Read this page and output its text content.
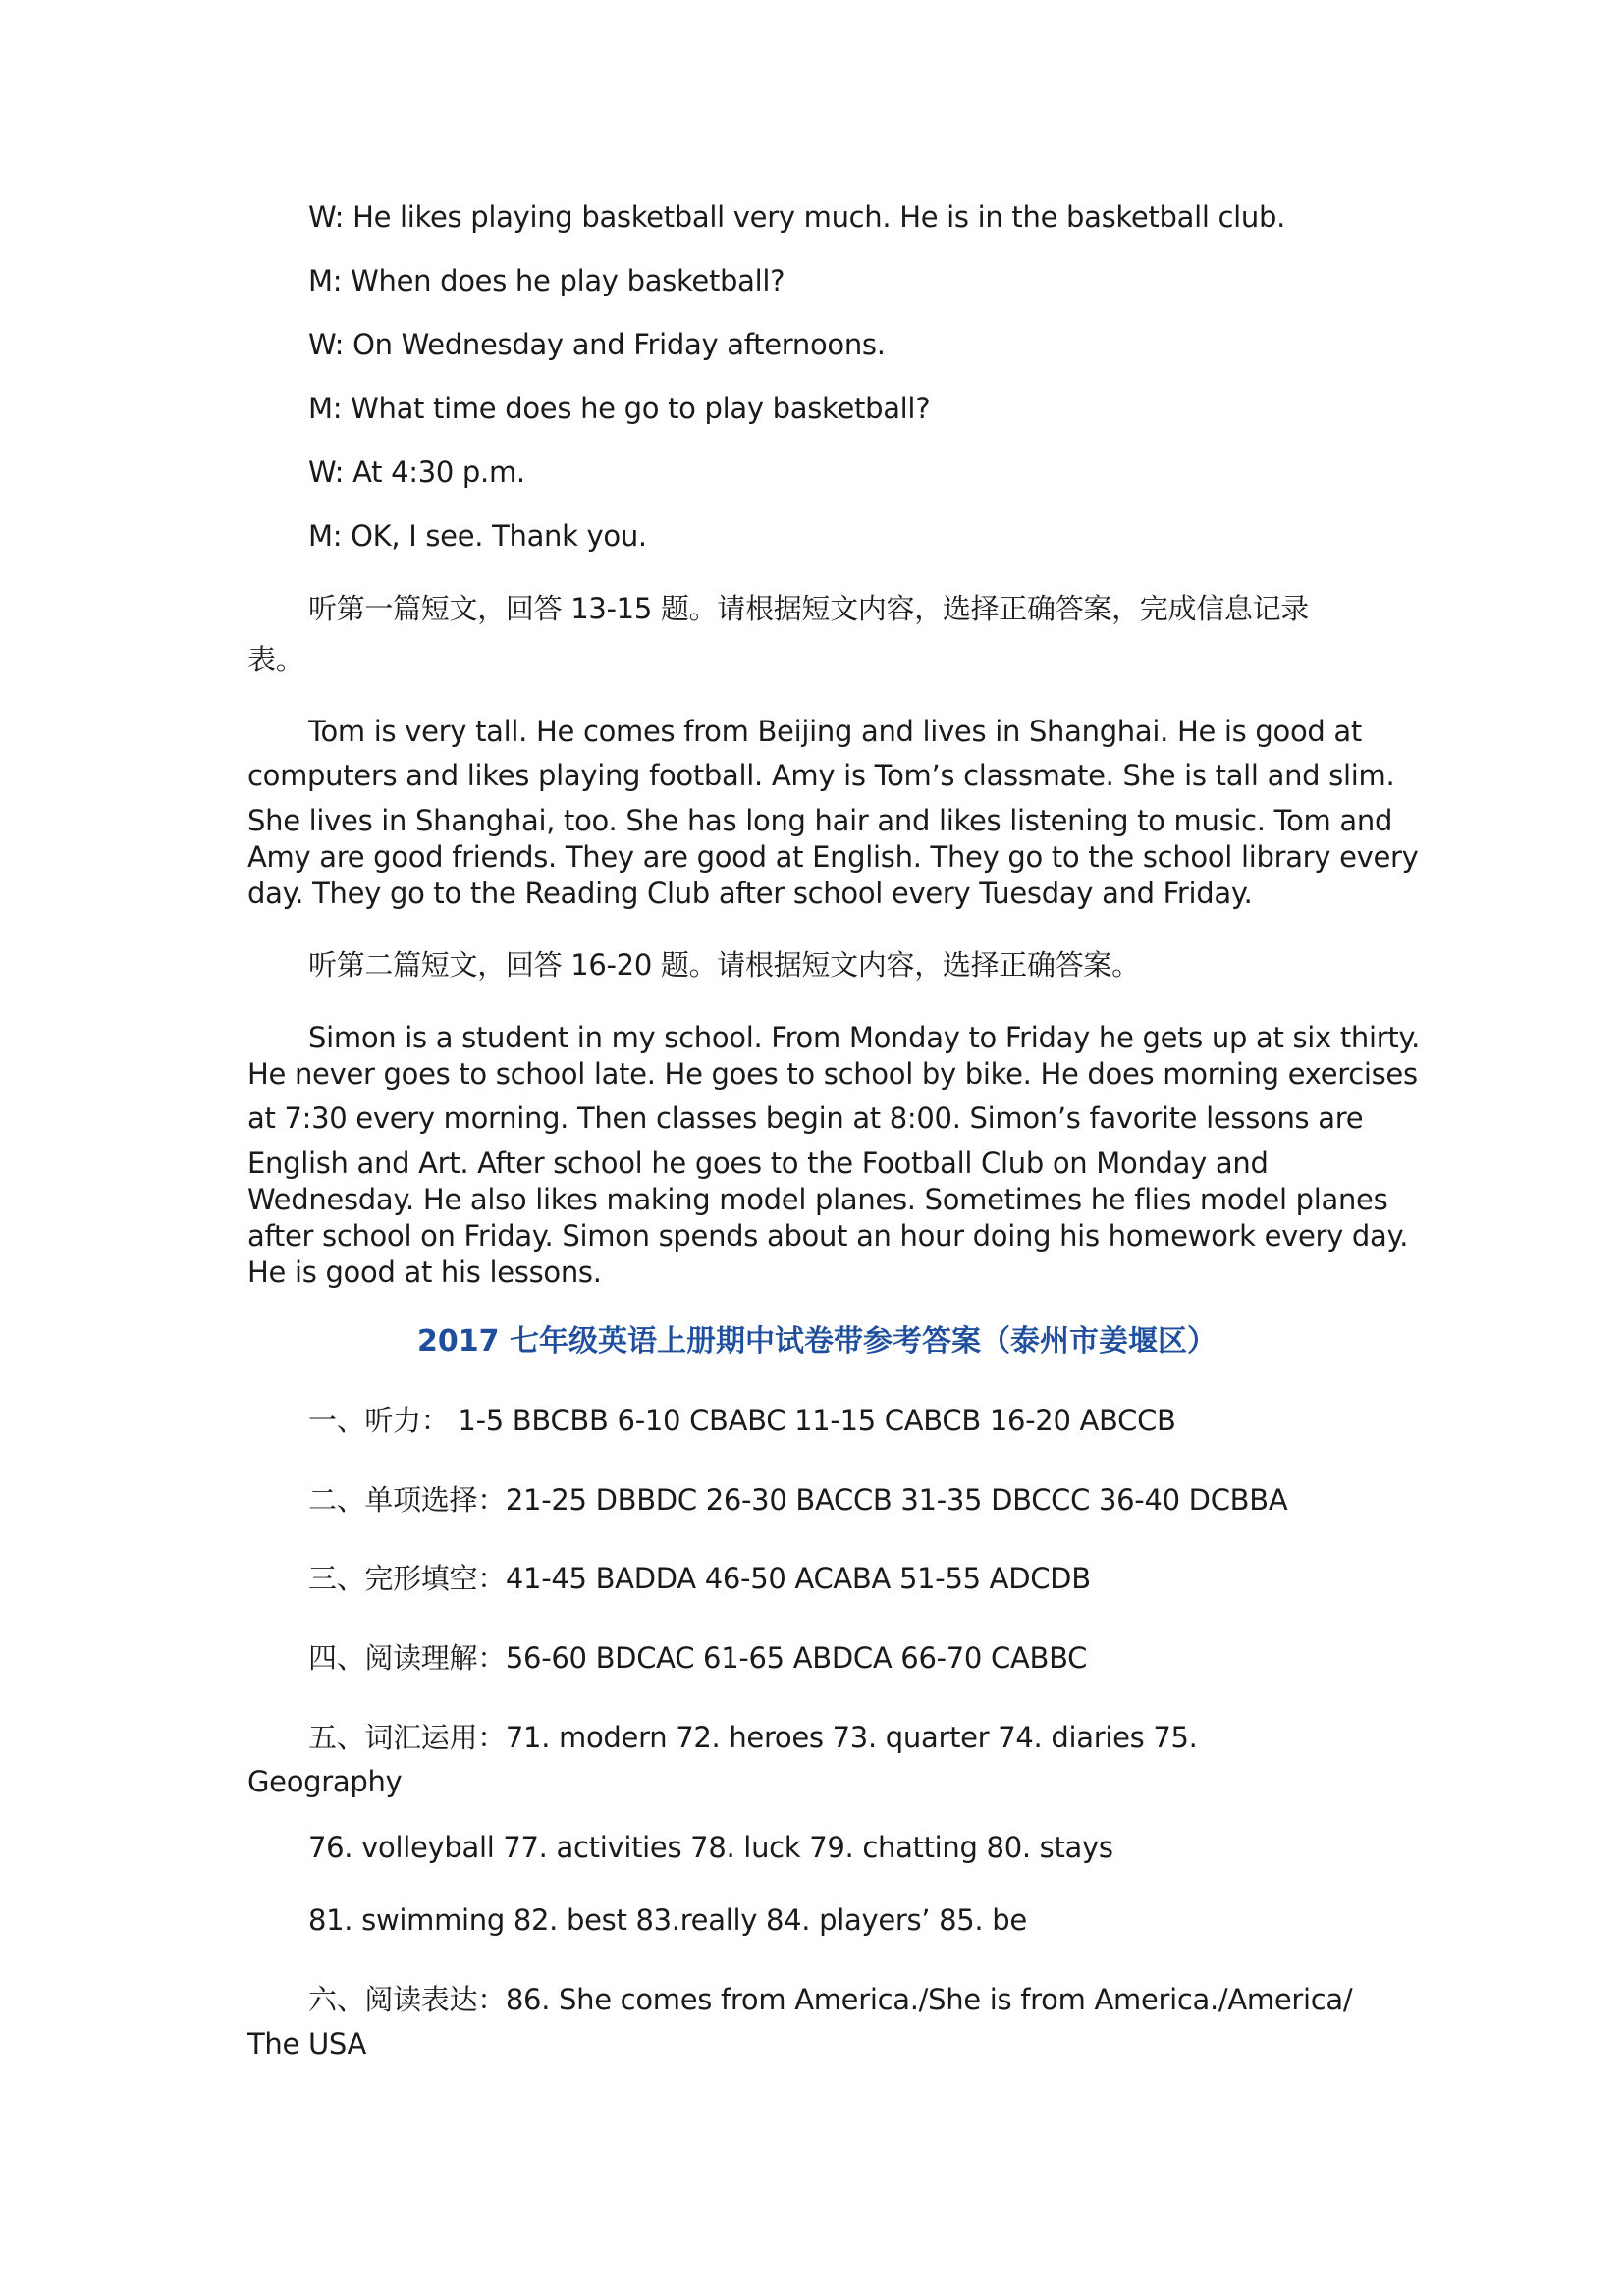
W: He likes playing basketball very much. He is in the basketball club.
M: When does he play basketball?
W: On Wednesday and Friday afternoons.
M: What time does he go to play basketball?
W: At 4:30 p.m.
M: OK, I see. Thank you.
听第一篇短文，回答 13-15 题。请根据短文内容，选择正确答案，完成信息记录
表。
Tom is very tall. He comes from Beijing and lives in Shanghai. He is good at
computers and likes playing football. Amy is Tom’s classmate. She is tall and slim.
She lives in Shanghai, too. She has long hair and likes listening to music. Tom and
Amy are good friends. They are good at English. They go to the school library every
day. They go to the Reading Club after school every Tuesday and Friday.
听第二篇短文，回答 16-20 题。请根据短文内容，选择正确答案。
Simon is a student in my school. From Monday to Friday he gets up at six thirty.
He never goes to school late. He goes to school by bike. He does morning exercises
at 7:30 every morning. Then classes begin at 8:00. Simon’s favorite lessons are
English and Art. After school he goes to the Football Club on Monday and
Wednesday. He also likes making model planes. Sometimes he flies model planes
after school on Friday. Simon spends about an hour doing his homework every day.
He is good at his lessons.
2017 七年级英语上册期中试卷带参考答案（泰州市姜堰区）
一、听力： 1-5 BBCBB 6-10 CBABC 11-15 CABCB 16-20 ABCCB
二、单项选择：21-25 DBBDC 26-30 BACCB 31-35 DBCCC 36-40 DCBBA
三、完形填空：41-45 BADDA 46-50 ACABA 51-55 ADCDB
四、阅读理解：56-60 BDCAC 61-65 ABDCA 66-70 CABBC
五、词汇运用：71. modern 72. heroes 73. quarter 74. diaries 75.
Geography
76. volleyball 77. activities 78. luck 79. chatting 80. stays
81. swimming 82. best 83.really 84. players’ 85. be
六、阅读表达：86. She comes from America./She is from America./America/
The USA
